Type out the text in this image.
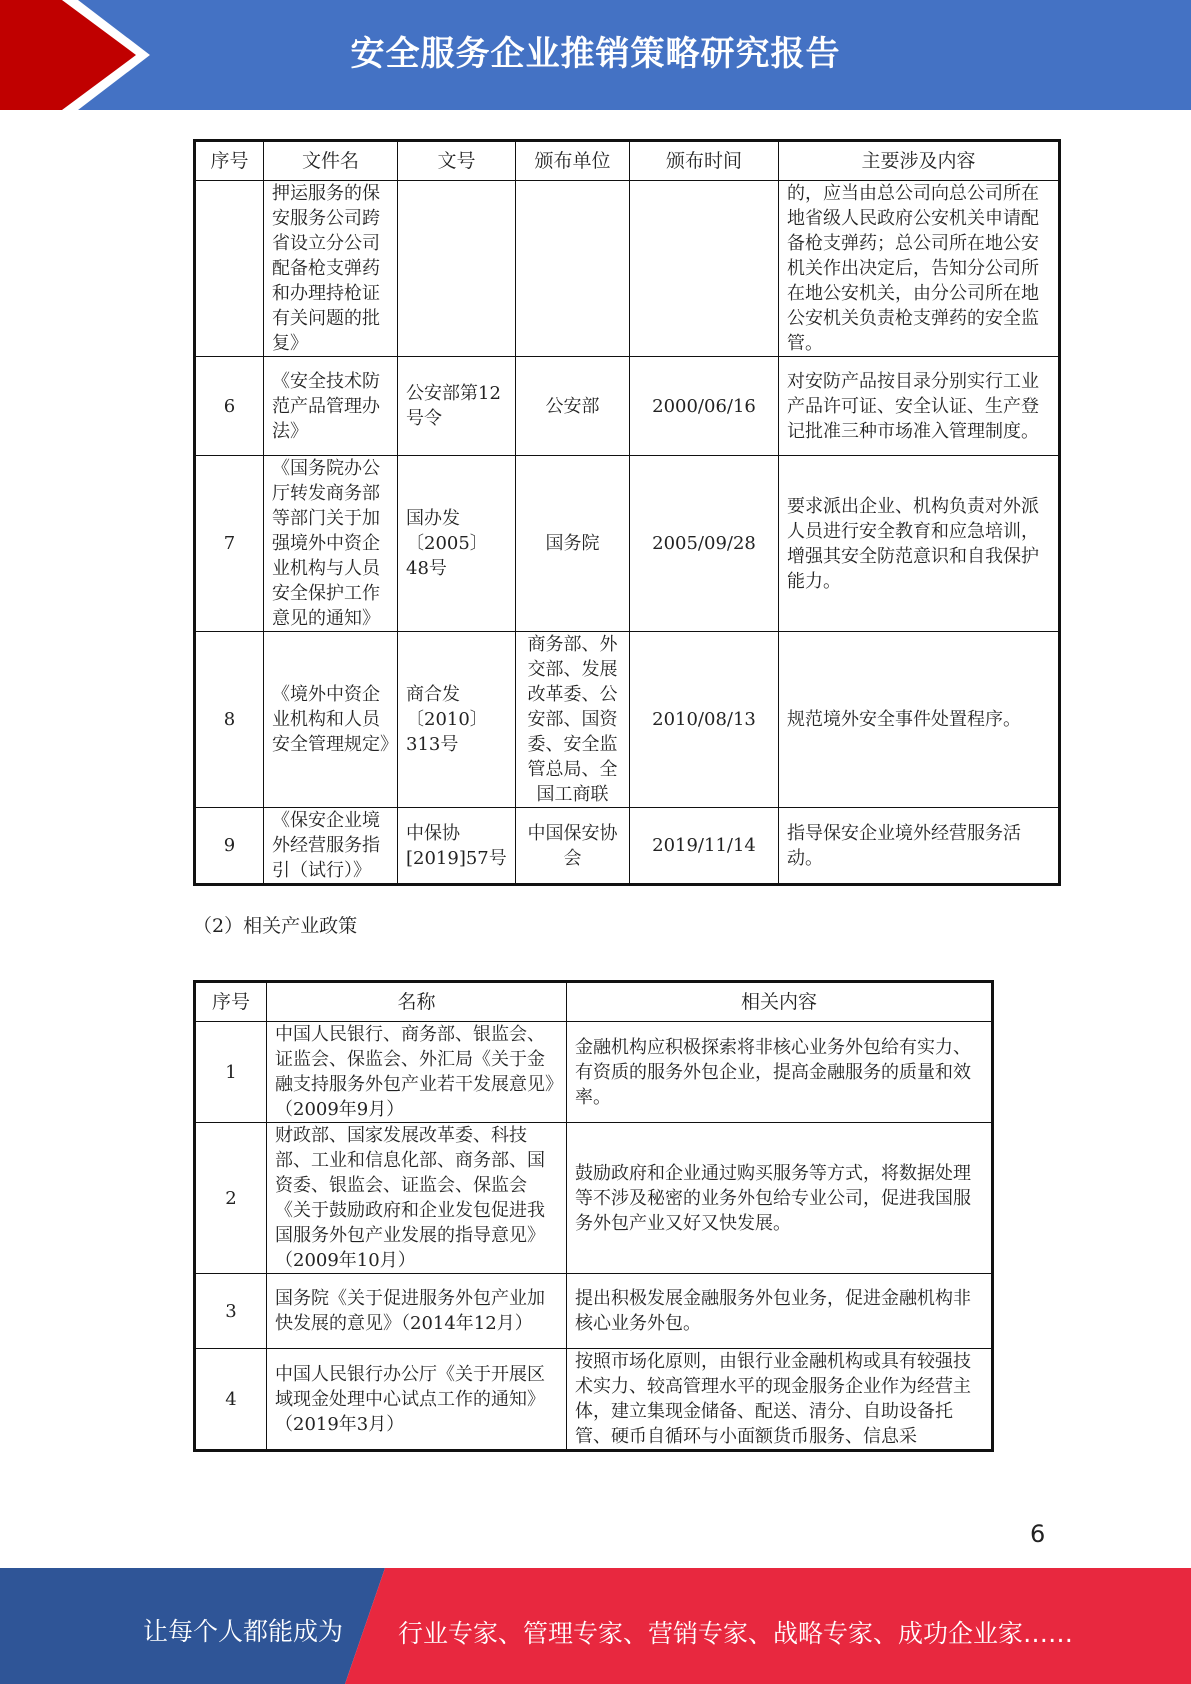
安全服务企业推销策略研究报告
序号	文件名	文号	颁布单位	颁布时间	主要涉及内容
	押运服务的保安服务公司跨省设立分公司配备枪支弹药和办理持枪证有关问题的批复》				的，应当由总公司向总公司所在地省级人民政府公安机关申请配备枪支弹药；总公司所在地公安机关作出决定后，告知分公司所在地公安机关，由分公司所在地公安机关负责枪支弹药的安全监管。
6	《安全技术防范产品管理办法》	公安部第12号令	公安部	2000/06/16	对安防产品按目录分别实行工业产品许可证、安全认证、生产登记批准三种市场准入管理制度。
7	《国务院办公厅转发商务部等部门关于加强境外中资企业机构与人员安全保护工作意见的通知》	国办发〔2005〕48号	国务院	2005/09/28	要求派出企业、机构负责对外派人员进行安全教育和应急培训，增强其安全防范意识和自我保护能力。
8	《境外中资企业机构和人员安全管理规定》	商合发〔2010〕313号	商务部、外交部、发展改革委、公安部、国资委、安全监管总局、全国工商联	2010/08/13	规范境外安全事件处置程序。
9	《保安企业境外经营服务指引（试行）》	中保协[2019]57号	中国保安协会	2019/11/14	指导保安企业境外经营服务活动。
（2）相关产业政策
序号	名称	相关内容
1	中国人民银行、商务部、银监会、证监会、保监会、外汇局《关于金融支持服务外包产业若干发展意见》（2009年9月）	金融机构应积极探索将非核心业务外包给有实力、有资质的服务外包企业，提高金融服务的质量和效率。
2	财政部、国家发展改革委、科技部、工业和信息化部、商务部、国资委、银监会、证监会、保监会《关于鼓励政府和企业发包促进我国服务外包产业发展的指导意见》（2009年10月）	鼓励政府和企业通过购买服务等方式，将数据处理等不涉及秘密的业务外包给专业公司，促进我国服务外包产业又好又快发展。
3	国务院《关于促进服务外包产业加快发展的意见》（2014年12月）	提出积极发展金融服务外包业务，促进金融机构非核心业务外包。
4	中国人民银行办公厅《关于开展区域现金处理中心试点工作的通知》（2019年3月）	按照市场化原则，由银行业金融机构或具有较强技术实力、较高管理水平的现金服务企业作为经营主体，建立集现金储备、配送、清分、自助设备托管、硬币自循环与小面额货币服务、信息采
6
让每个人都能成为 行业专家、管理专家、营销专家、战略专家、成功企业家……
